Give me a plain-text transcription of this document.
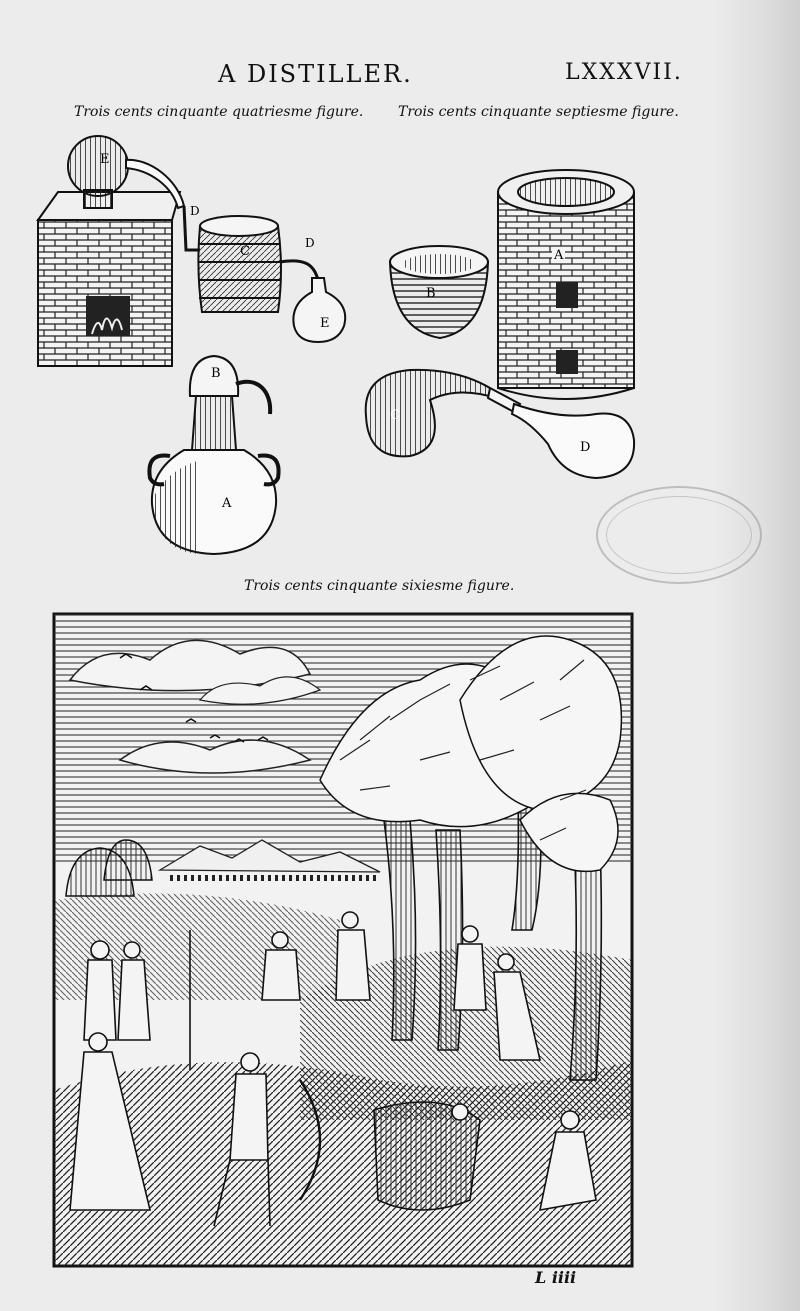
A DISTILLER.	LXXXVII.
Trois cents cinquante quatriesme figure. Trois cents cinquante septiesme figure.
E
D
C
D
E
B
A
B
A
C
D
Trois cents cinquante sixiesme figure.
L iiii
